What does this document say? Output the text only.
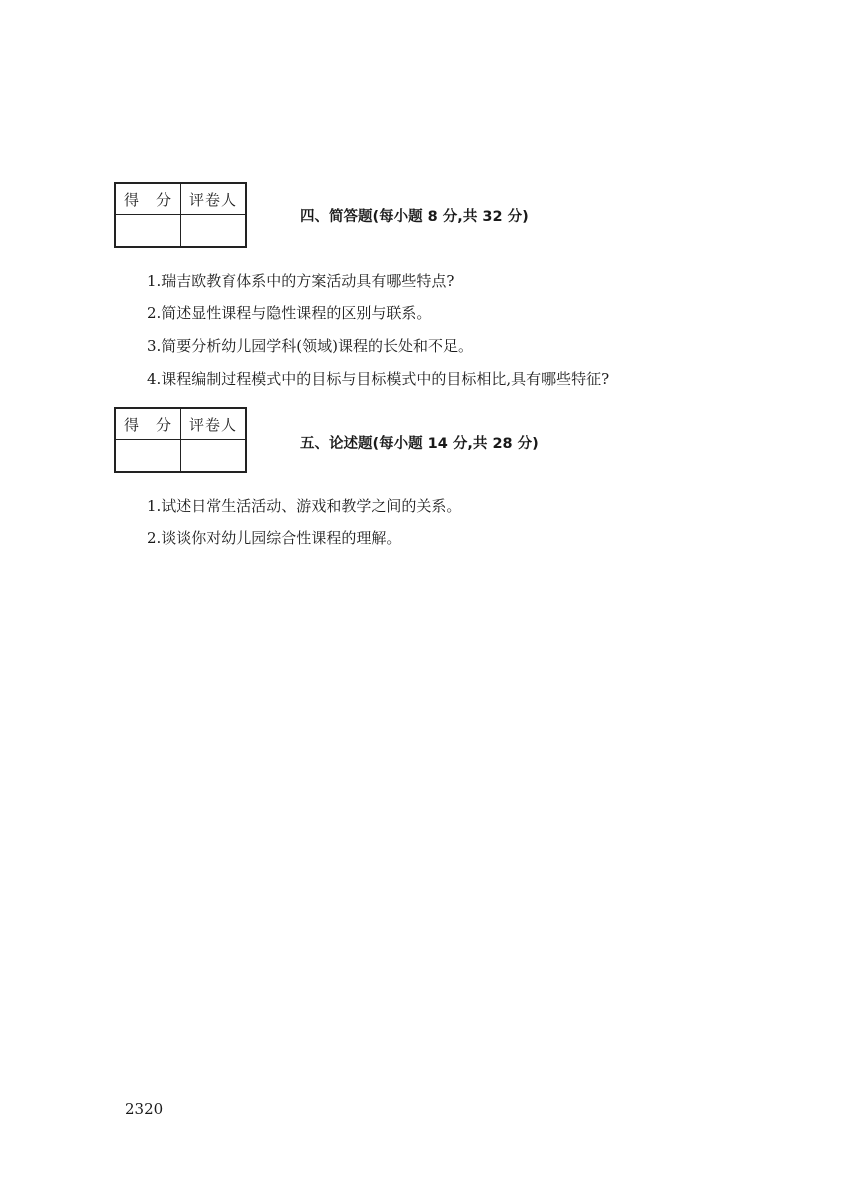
得　分	评卷人

四、简答题(每小题 8 分,共 32 分)
1.瑞吉欧教育体系中的方案活动具有哪些特点?
2.简述显性课程与隐性课程的区别与联系。
3.简要分析幼儿园学科(领域)课程的长处和不足。
4.课程编制过程模式中的目标与目标模式中的目标相比,具有哪些特征?
得　分	评卷人

五、论述题(每小题 14 分,共 28 分)
1.试述日常生活活动、游戏和教学之间的关系。
2.谈谈你对幼儿园综合性课程的理解。
2320
